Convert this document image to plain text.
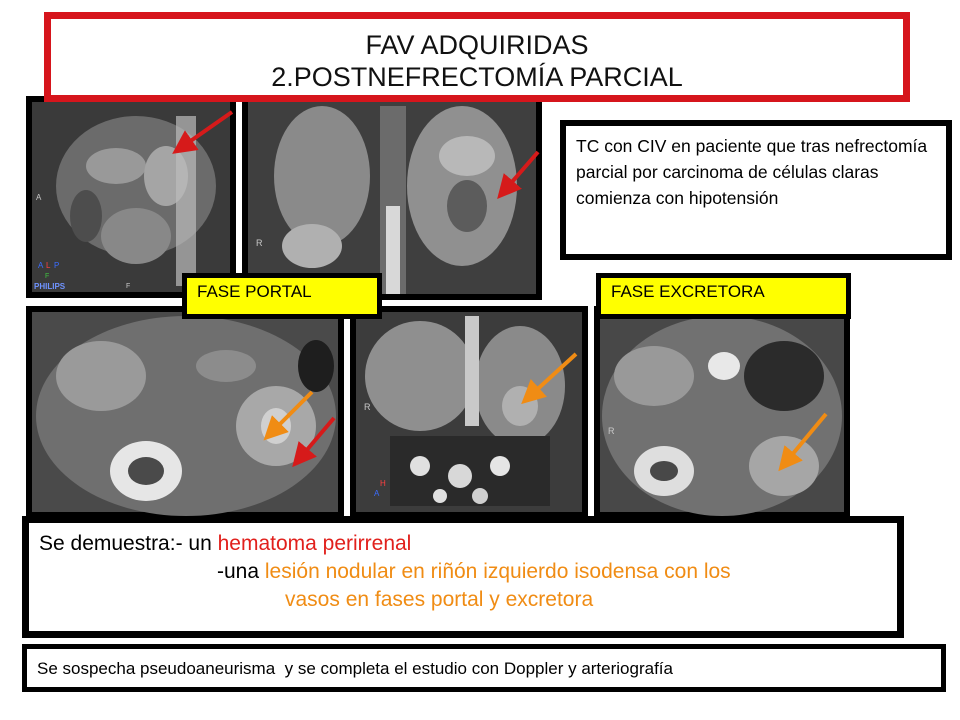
FAV ADQUIRIDAS
2.POSTNEFRECTOMÍA PARCIAL
A
A L P
F
PHILIPS	F
R
TC con CIV en paciente que tras nefrectomía parcial por carcinoma de células claras comienza con hipotensión
FASE PORTAL	FASE EXCRETORA
R
H
A
R
Se demuestra:- un hematoma perirrenal
-una lesión nodular en riñón izquierdo isodensa con los
vasos en fases portal y excretora
Se sospecha pseudoaneurisma  y se completa el estudio con Doppler y arteriografía
